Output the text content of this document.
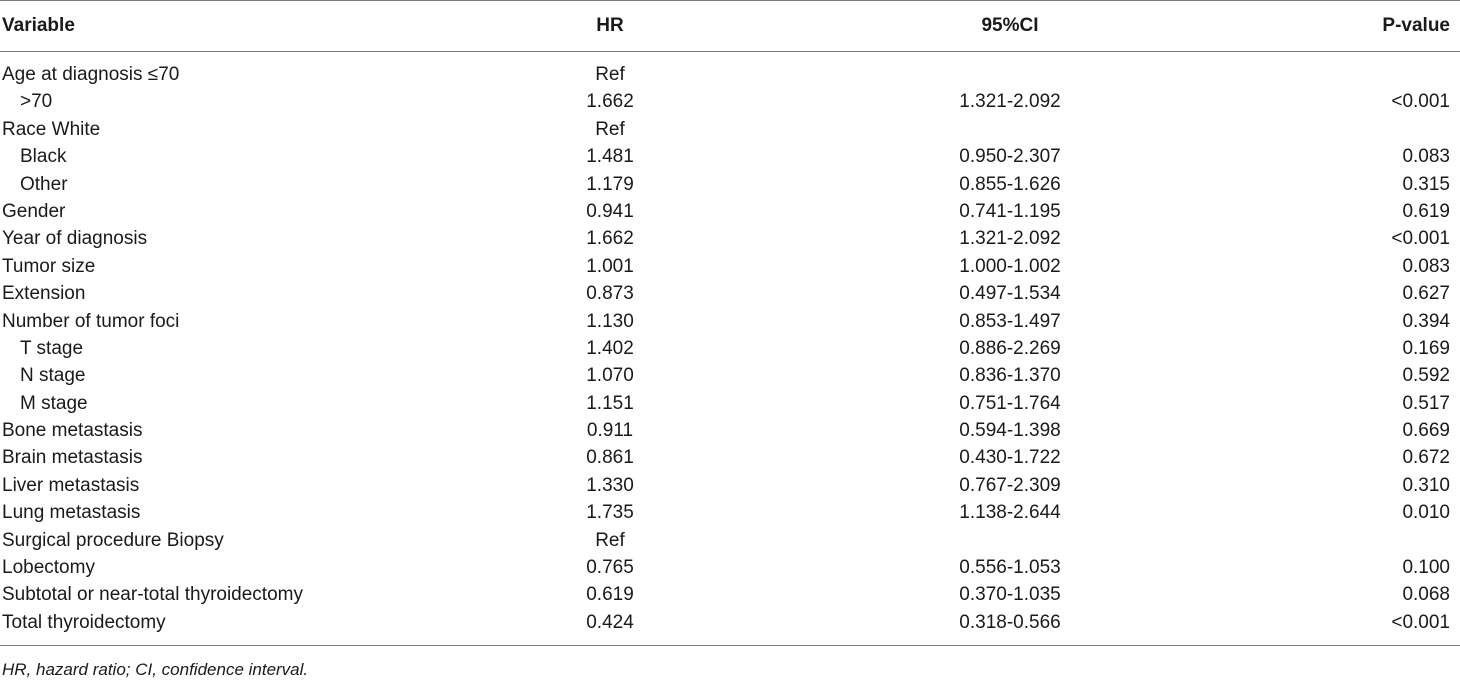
Variable	HR	95%CI	P-value
Age at diagnosis ≤70	Ref
>70	1.662	1.321-2.092	<0.001
Race White	Ref
Black	1.481	0.950-2.307	0.083
Other	1.179	0.855-1.626	0.315
Gender	0.941	0.741-1.195	0.619
Year of diagnosis	1.662	1.321-2.092	<0.001
Tumor size	1.001	1.000-1.002	0.083
Extension	0.873	0.497-1.534	0.627
Number of tumor foci	1.130	0.853-1.497	0.394
T stage	1.402	0.886-2.269	0.169
N stage	1.070	0.836-1.370	0.592
M stage	1.151	0.751-1.764	0.517
Bone metastasis	0.911	0.594-1.398	0.669
Brain metastasis	0.861	0.430-1.722	0.672
Liver metastasis	1.330	0.767-2.309	0.310
Lung metastasis	1.735	1.138-2.644	0.010
Surgical procedure Biopsy	Ref
Lobectomy	0.765	0.556-1.053	0.100
Subtotal or near-total thyroidectomy	0.619	0.370-1.035	0.068
Total thyroidectomy	0.424	0.318-0.566	<0.001
HR, hazard ratio; CI, confidence interval.
